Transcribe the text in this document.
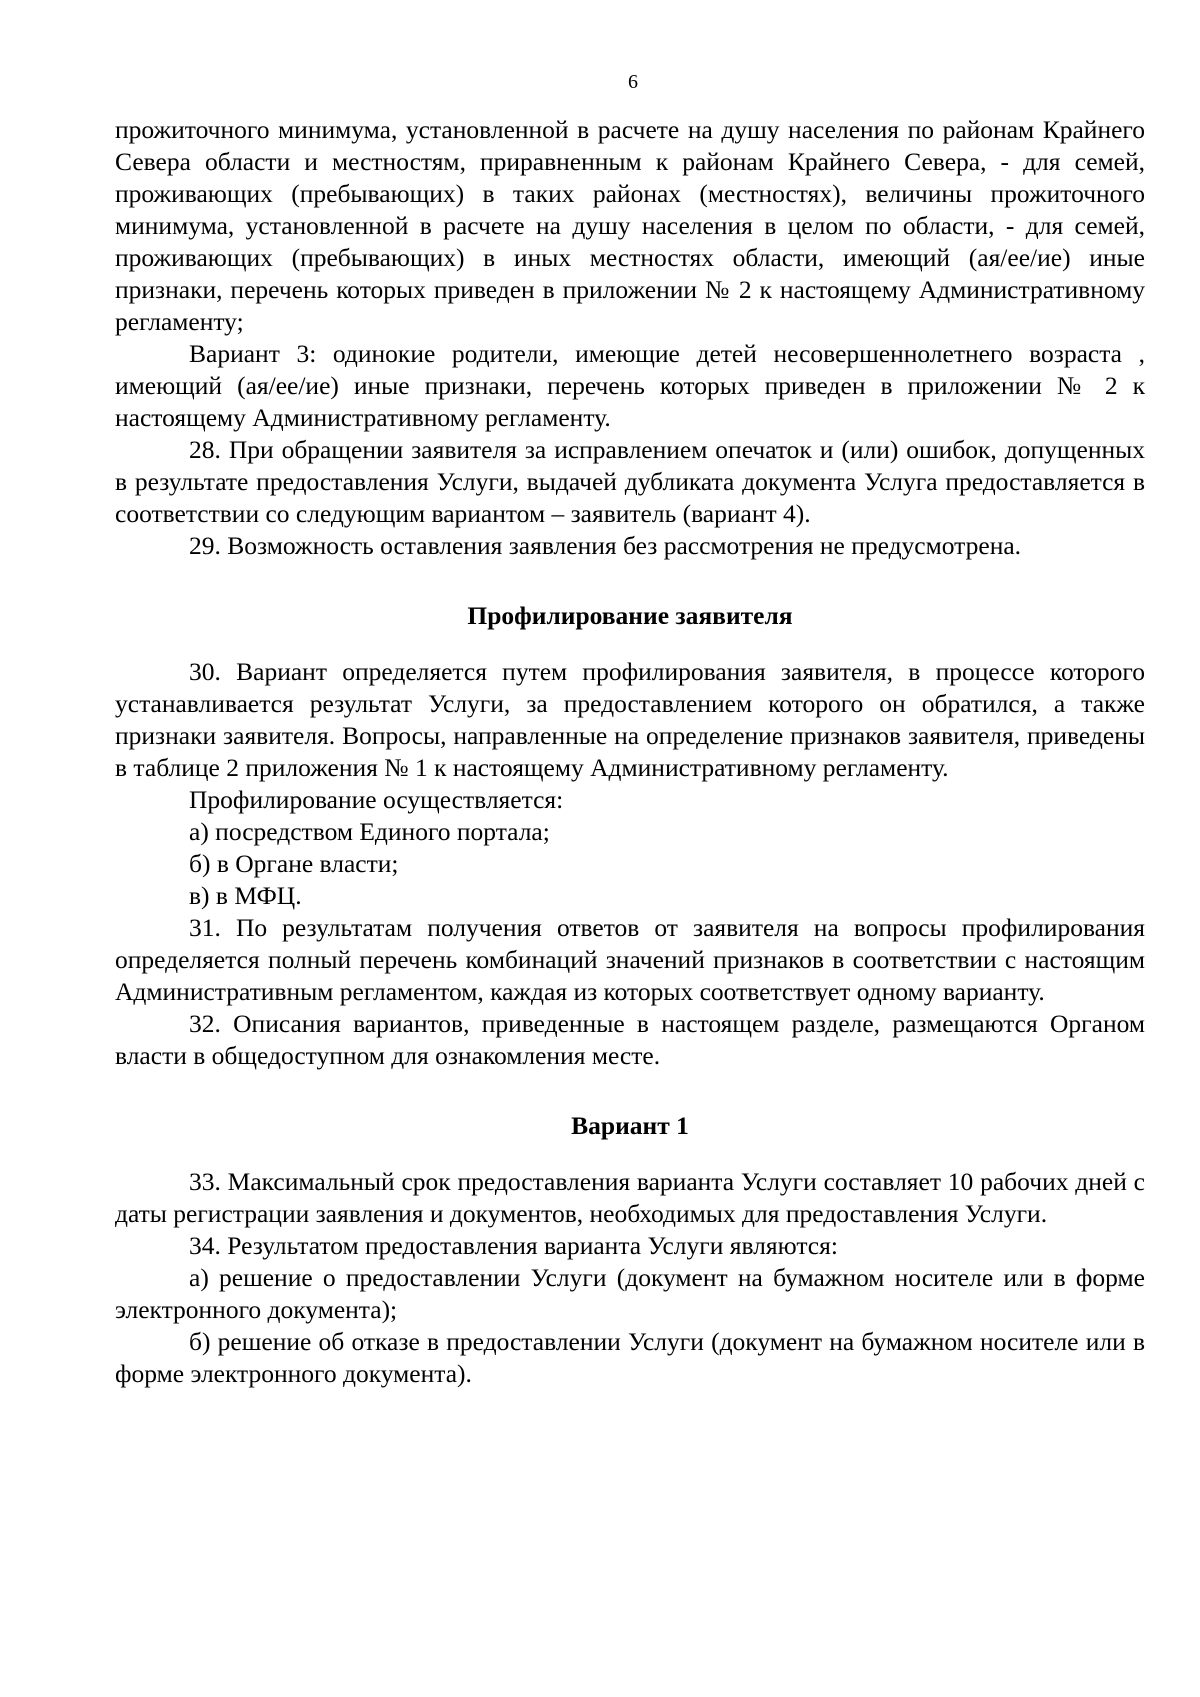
6

прожиточного минимума, установленной в расчете на душу населения по районам Крайнего Севера области и местностям, приравненным к районам Крайнего Севера, - для семей, проживающих (пребывающих) в таких районах (местностях), величины прожиточного минимума, установленной в расчете на душу населения в целом по области, - для семей, проживающих (пребывающих) в иных местностях области, имеющий (ая/ее/ие) иные признаки, перечень которых приведен в приложении № 2 к настоящему Административному регламенту;

Вариант 3: одинокие родители, имеющие детей несовершеннолетнего возраста , имеющий (ая/ее/ие) иные признаки, перечень которых приведен в приложении № 2 к настоящему Административному регламенту.

28. При обращении заявителя за исправлением опечаток и (или) ошибок, допущенных в результате предоставления Услуги, выдачей дубликата документа Услуга предоставляется в соответствии со следующим вариантом – заявитель (вариант 4).

29. Возможность оставления заявления без рассмотрения не предусмотрена.

Профилирование заявителя

30. Вариант определяется путем профилирования заявителя, в процессе которого устанавливается результат Услуги, за предоставлением которого он обратился, а также признаки заявителя. Вопросы, направленные на определение признаков заявителя, приведены в таблице 2 приложения № 1 к настоящему Административному регламенту.

Профилирование осуществляется:

а) посредством Единого портала;

б) в Органе власти;

в) в МФЦ.

31. По результатам получения ответов от заявителя на вопросы профилирования определяется полный перечень комбинаций значений признаков в соответствии с настоящим Административным регламентом, каждая из которых соответствует одному варианту.

32. Описания вариантов, приведенные в настоящем разделе, размещаются Органом власти в общедоступном для ознакомления месте.

Вариант 1

33. Максимальный срок предоставления варианта Услуги составляет 10 рабочих дней с даты регистрации заявления и документов, необходимых для предоставления Услуги.

34. Результатом предоставления варианта Услуги являются:

а) решение о предоставлении Услуги (документ на бумажном носителе или в форме электронного документа);

б) решение об отказе в предоставлении Услуги (документ на бумажном носителе или в форме электронного документа).
